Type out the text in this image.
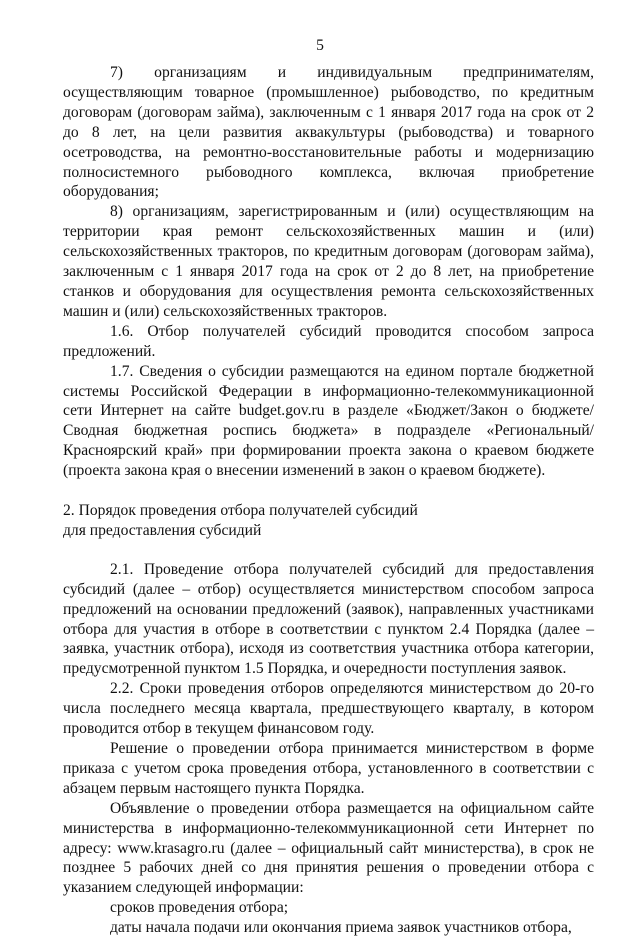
5

7) организациям и индивидуальным предпринимателям, осуществляющим товарное (промышленное) рыбоводство, по кредитным договорам (договорам займа), заключенным с 1 января 2017 года на срок от 2 до 8 лет, на цели развития аквакультуры (рыбоводства) и товарного осетроводства, на ремонтно-восстановительные работы и модернизацию полносистемного рыбоводного комплекса, включая приобретение оборудования;

8) организациям, зарегистрированным и (или) осуществляющим на территории края ремонт сельскохозяйственных машин и (или) сельскохозяйственных тракторов, по кредитным договорам (договорам займа), заключенным с 1 января 2017 года на срок от 2 до 8 лет, на приобретение станков и оборудования для осуществления ремонта сельскохозяйственных машин и (или) сельскохозяйственных тракторов.

1.6. Отбор получателей субсидий проводится способом запроса предложений.

1.7. Сведения о субсидии размещаются на едином портале бюджетной системы Российской Федерации в информационно-телекоммуникационной сети Интернет на сайте budget.gov.ru в разделе «Бюджет/Закон о бюджете/Сводная бюджетная роспись бюджета» в подразделе «Региональный/Красноярский край» при формировании проекта закона о краевом бюджете (проекта закона края о внесении изменений в закон о краевом бюджете).

2. Порядок проведения отбора получателей субсидий

для предоставления субсидий

2.1. Проведение отбора получателей субсидий для предоставления субсидий (далее – отбор) осуществляется министерством способом запроса предложений на основании предложений (заявок), направленных участниками отбора для участия в отборе в соответствии с пунктом 2.4 Порядка (далее – заявка, участник отбора), исходя из соответствия участника отбора категории, предусмотренной пунктом 1.5 Порядка, и очередности поступления заявок.

2.2. Сроки проведения отборов определяются министерством до 20-го числа последнего месяца квартала, предшествующего кварталу, в котором проводится отбор в текущем финансовом году.

Решение о проведении отбора принимается министерством в форме приказа с учетом срока проведения отбора, установленного в соответствии с абзацем первым настоящего пункта Порядка.

Объявление о проведении отбора размещается на официальном сайте министерства в информационно-телекоммуникационной сети Интернет по адресу: www.krasagro.ru (далее – официальный сайт министерства), в срок не позднее 5 рабочих дней со дня принятия решения о проведении отбора с указанием следующей информации:

сроков проведения отбора;

даты начала подачи или окончания приема заявок участников отбора,
